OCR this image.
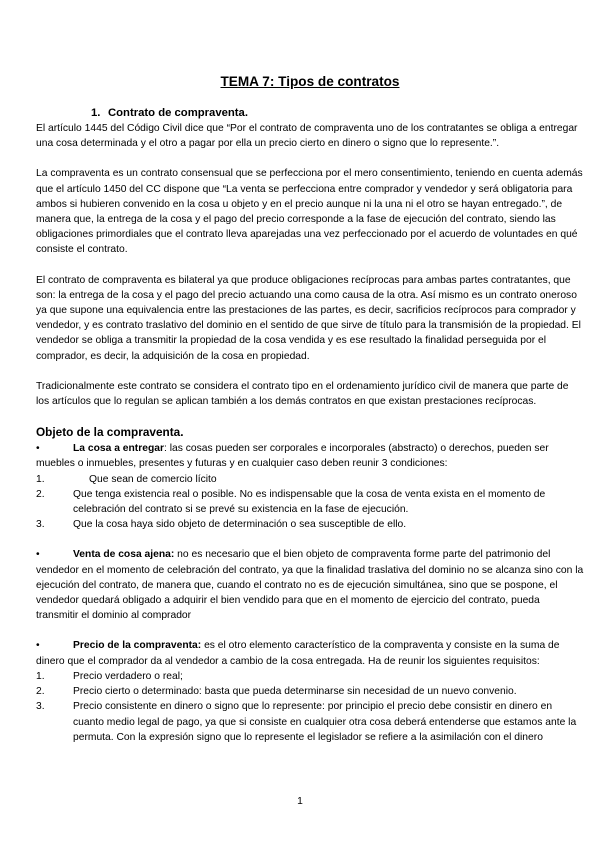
TEMA 7: Tipos de contratos
1. Contrato de compraventa.

El artículo 1445 del Código Civil dice que “Por el contrato de compraventa uno de los contratantes se obliga a entregar una cosa determinada y el otro a pagar por ella un precio cierto en dinero o signo que lo represente.”.

La compraventa es un contrato consensual que se perfecciona por el mero consentimiento, teniendo en cuenta además que el artículo 1450 del CC dispone que “La venta se perfecciona entre comprador y vendedor y será obligatoria para ambos si hubieren convenido en la cosa u objeto y en el precio aunque ni la una ni el otro se hayan entregado.”, de manera que, la entrega de la cosa y el pago del precio corresponde a la fase de ejecución del contrato, siendo las obligaciones primordiales que el contrato lleva aparejadas una vez perfeccionado por el acuerdo de voluntades en qué consiste el contrato.

El contrato de compraventa es bilateral ya que produce obligaciones recíprocas para ambas partes contratantes, que son: la entrega de la cosa y el pago del precio actuando una como causa de la otra. Así mismo es un contrato oneroso ya que supone una equivalencia entre las prestaciones de las partes, es decir, sacrificios recíprocos para comprador y vendedor, y es contrato traslativo del dominio en el sentido de que sirve de título para la transmisión de la propiedad. El vendedor se obliga a transmitir la propiedad de la cosa vendida y es ese resultado la finalidad perseguida por el comprador, es decir, la adquisición de la cosa en propiedad.

Tradicionalmente este contrato se considera el contrato tipo en el ordenamiento jurídico civil de manera que parte de los artículos que lo regulan se aplican también a los demás contratos en que existan prestaciones recíprocas.

Objeto de la compraventa.
•	La cosa a entregar: las cosas pueden ser corporales e incorporales (abstracto) o derechos, pueden ser muebles o inmuebles, presentes y futuras y en cualquier caso deben reunir 3 condiciones:
1.	Que sean de comercio lícito
2.	Que tenga existencia real o posible. No es indispensable que la cosa de venta exista en el momento de celebración del contrato si se prevé su existencia en la fase de ejecución.
3.	Que la cosa haya sido objeto de determinación o sea susceptible de ello.
•	Venta de cosa ajena: no es necesario que el bien objeto de compraventa forme parte del patrimonio del vendedor en el momento de celebración del contrato, ya que la finalidad traslativa del dominio no se alcanza sino con la ejecución del contrato, de manera que, cuando el contrato no es de ejecución simultánea, sino que se pospone, el vendedor quedará obligado a adquirir el bien vendido para que en el momento de ejercicio del contrato, pueda transmitir el dominio al comprador
•	Precio de la compraventa: es el otro elemento característico de la compraventa y consiste en la suma de dinero que el comprador da al vendedor a cambio de la cosa entregada. Ha de reunir los siguientes requisitos:
1.	Precio verdadero o real;
2.	Precio cierto o determinado: basta que pueda determinarse sin necesidad de un nuevo convenio.
3.	Precio consistente en dinero o signo que lo represente: por principio el precio debe consistir en dinero en cuanto medio legal de pago, ya que si consiste en cualquier otra cosa deberá entenderse que estamos ante la permuta. Con la expresión signo que lo represente el legislador se refiere a la asimilación con el dinero
1
